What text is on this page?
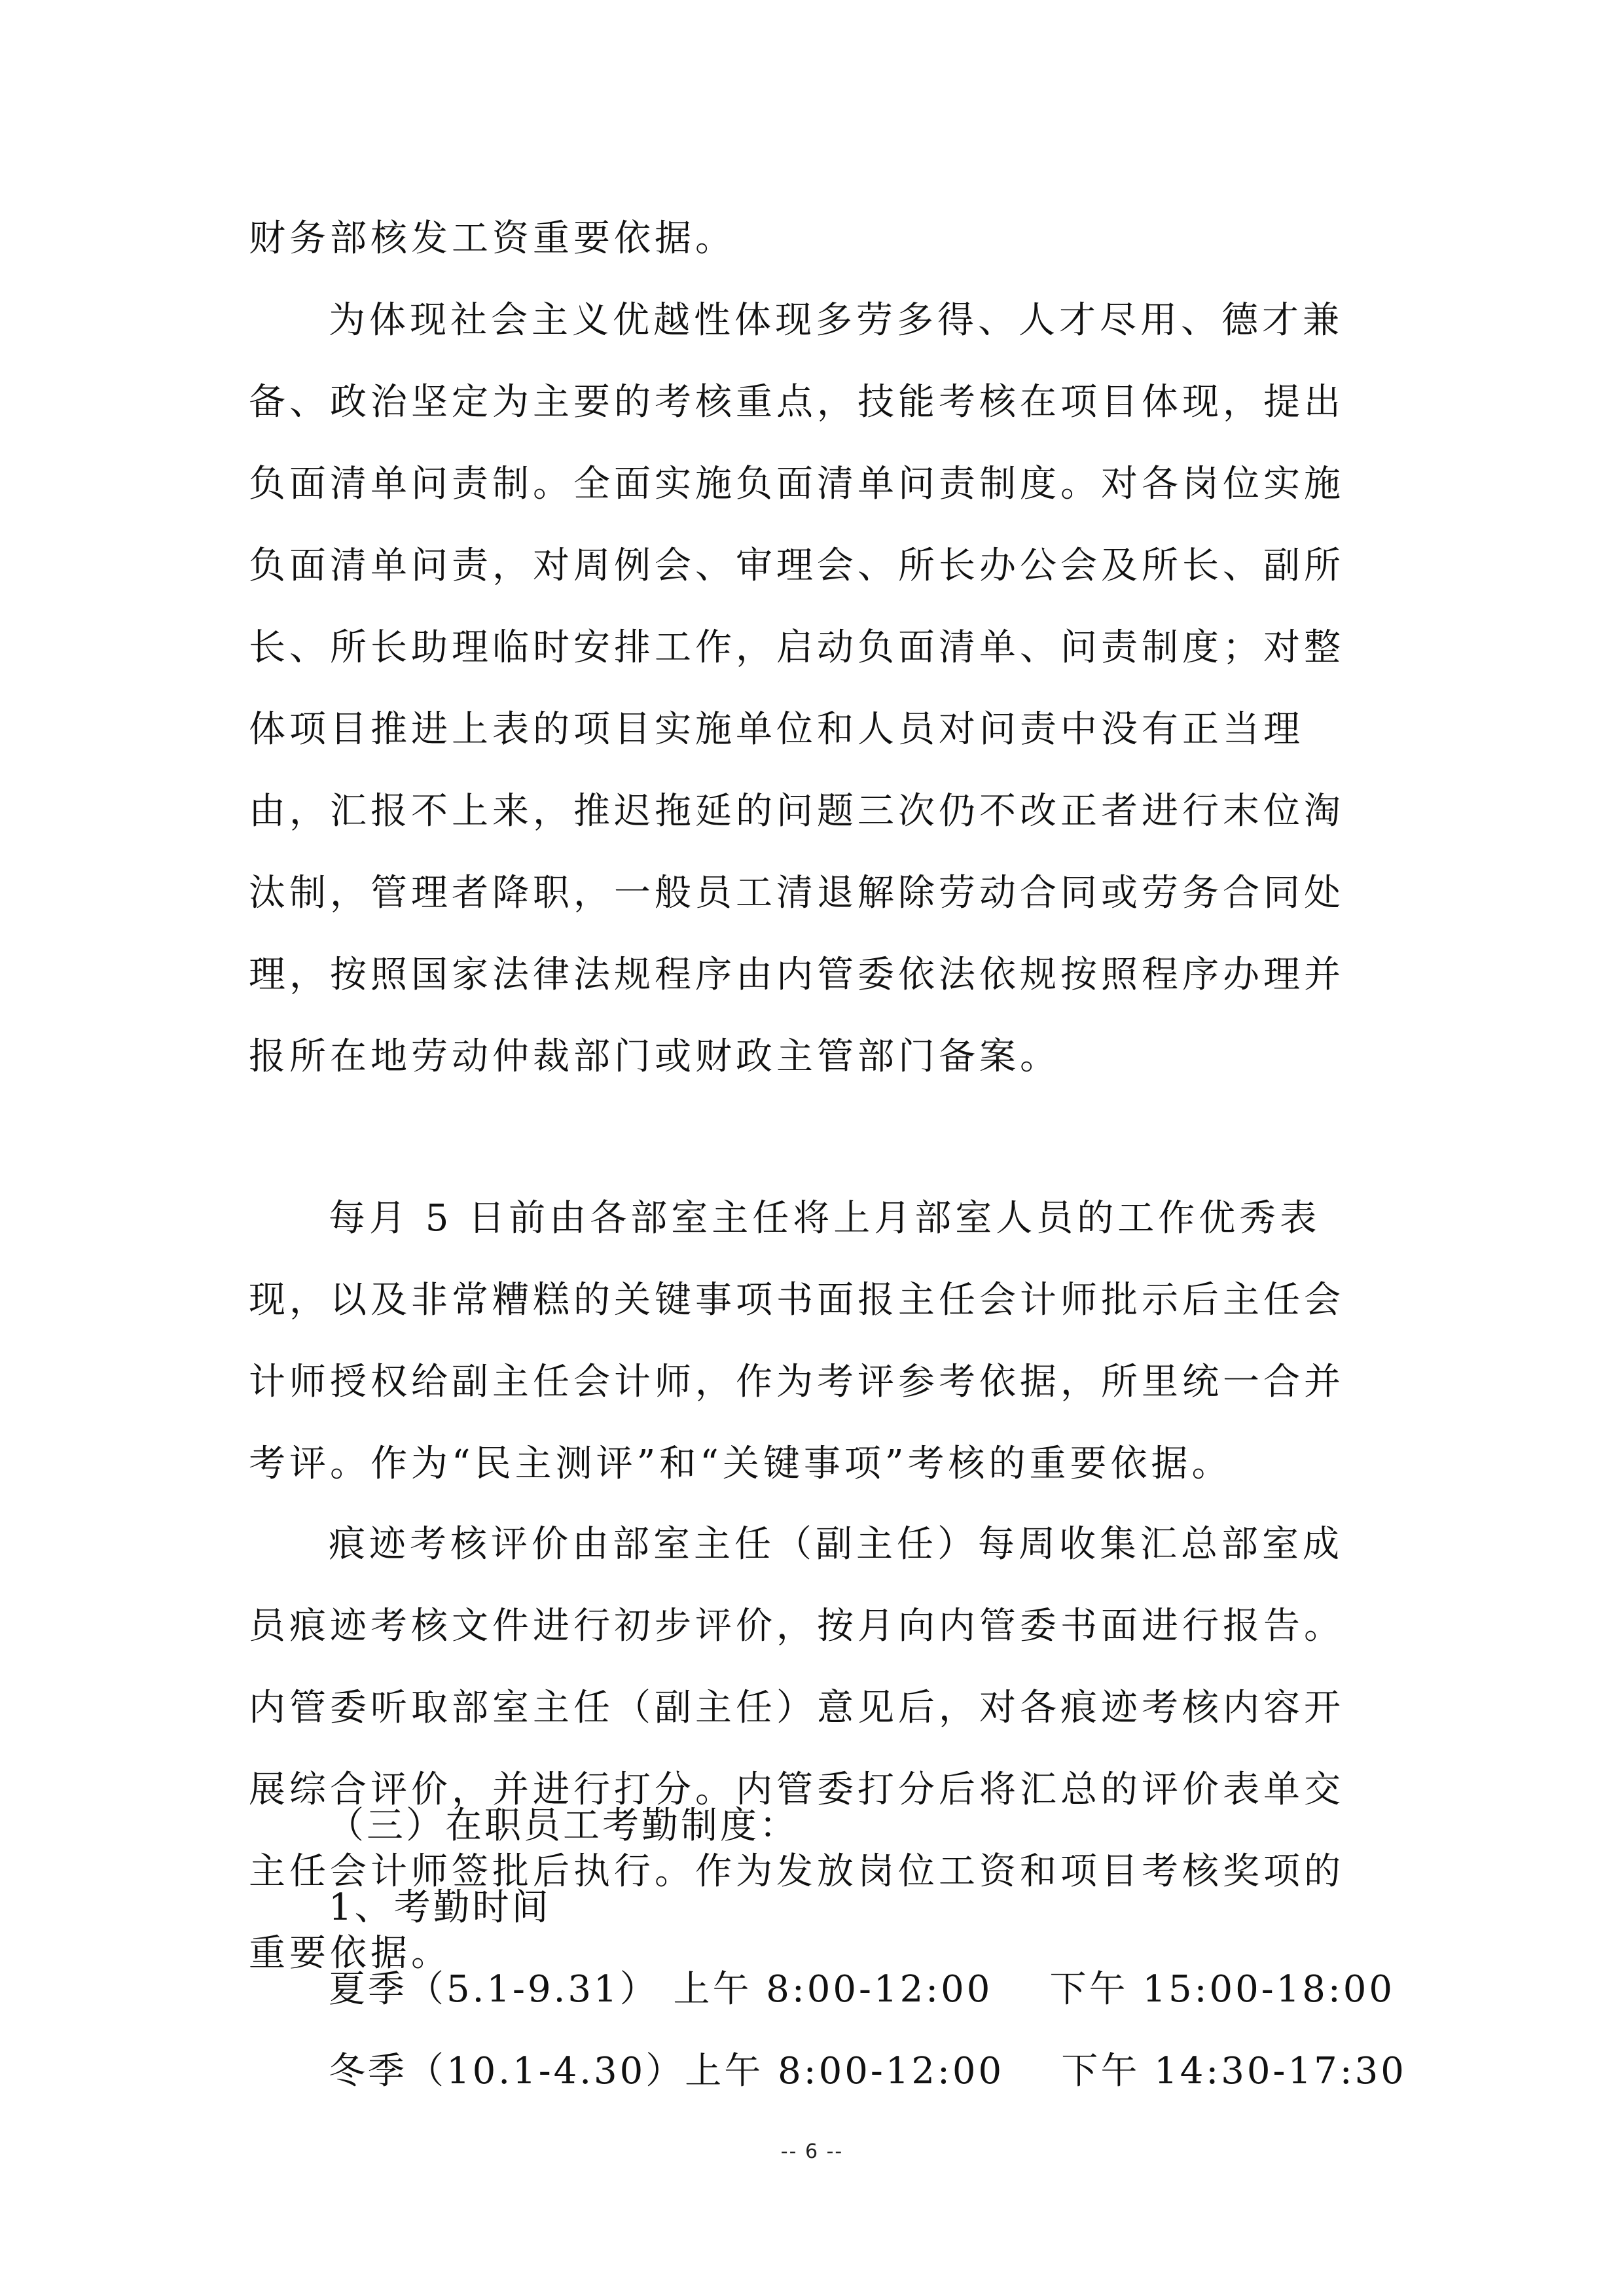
财务部核发工资重要依据。

为体现社会主义优越性体现多劳多得、人才尽用、德才兼备、政治坚定为主要的考核重点，技能考核在项目体现，提出负面清单问责制。全面实施负面清单问责制度。对各岗位实施负面清单问责，对周例会、审理会、所长办公会及所长、副所长、所长助理临时安排工作，启动负面清单、问责制度；对整体项目推进上表的项目实施单位和人员对问责中没有正当理由，汇报不上来，推迟拖延的问题三次仍不改正者进行末位淘汰制，管理者降职，一般员工清退解除劳动合同或劳务合同处理，按照国家法律法规程序由内管委依法依规按照程序办理并报所在地劳动仲裁部门或财政主管部门备案。

每月 5 日前由各部室主任将上月部室人员的工作优秀表现，以及非常糟糕的关键事项书面报主任会计师批示后主任会计师授权给副主任会计师，作为考评参考依据，所里统一合并考评。作为“民主测评”和“关键事项”考核的重要依据。

痕迹考核评价由部室主任（副主任）每周收集汇总部室成员痕迹考核文件进行初步评价，按月向内管委书面进行报告。内管委听取部室主任（副主任）意见后，对各痕迹考核内容开展综合评价，并进行打分。内管委打分后将汇总的评价表单交主任会计师签批后执行。作为发放岗位工资和项目考核奖项的重要依据。

（三）在职员工考勤制度：
1、考勤时间
夏季（5.1-9.31） 上午 8:00-12:00    下午 15:00-18:00
冬季（10.1-4.30）上午 8:00-12:00    下午 14:30-17:30
-- 6 --
